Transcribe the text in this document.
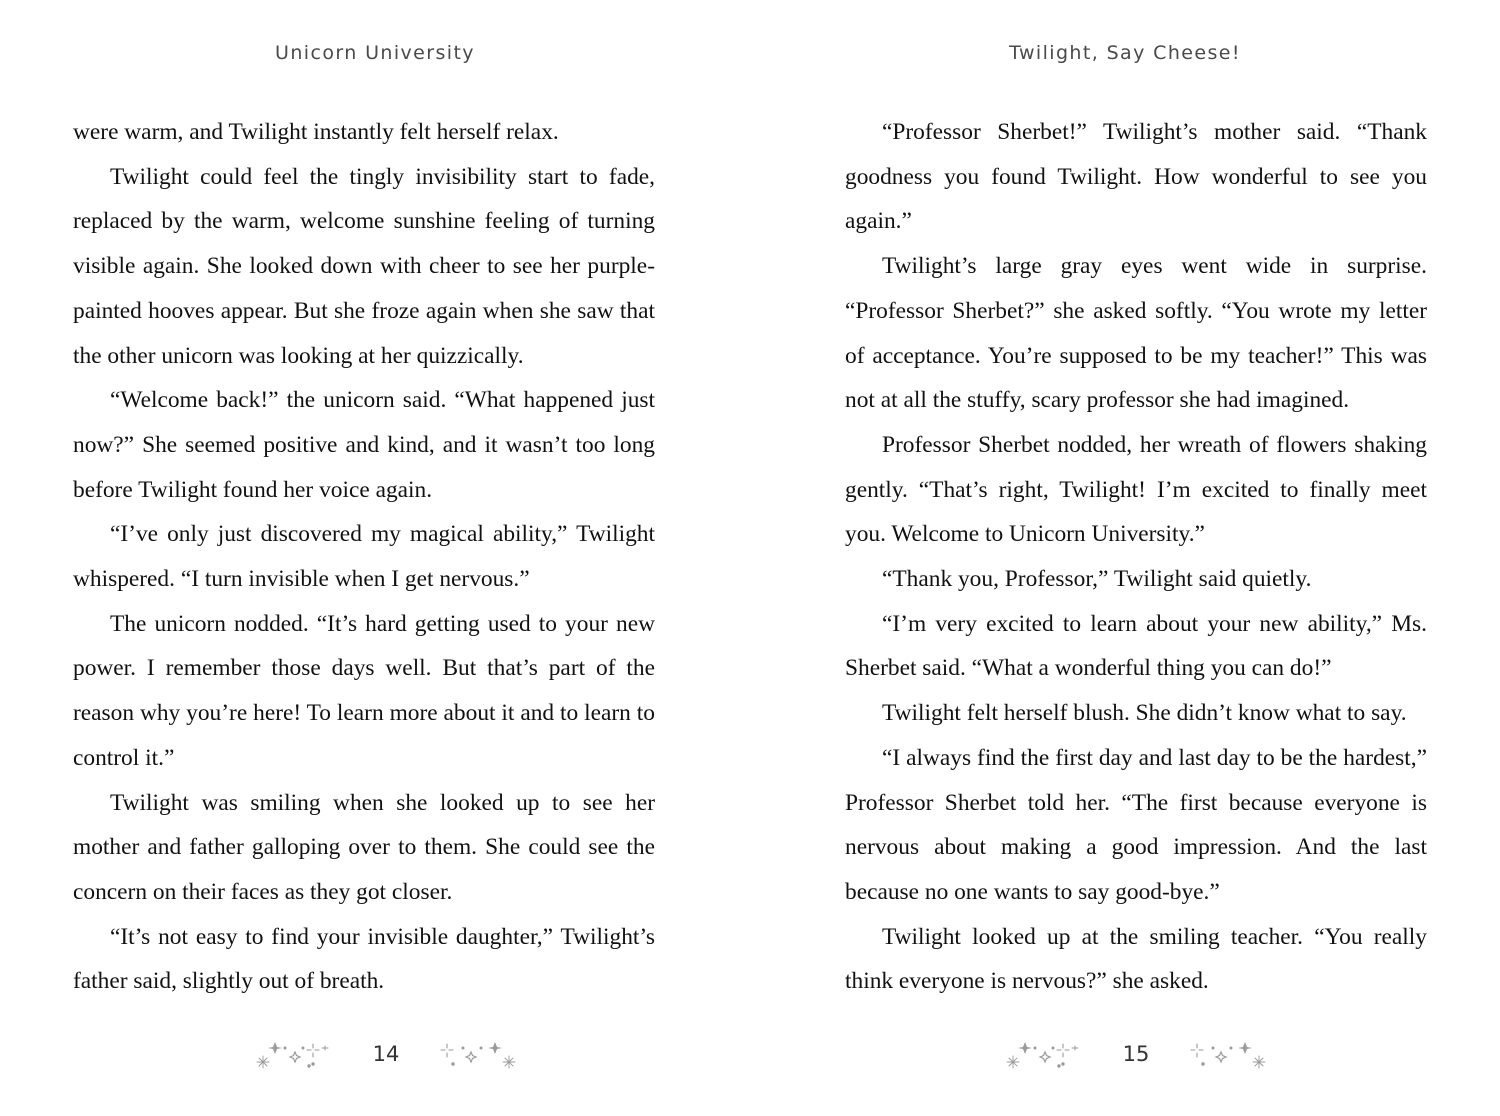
Unicorn University

were warm, and Twilight instantly felt herself relax.

Twilight could feel the tingly invisibility start to fade, replaced by the warm, welcome sunshine feeling of turning visible again. She looked down with cheer to see her purplepainted hooves appear. But she froze again when she saw that the other unicorn was looking at her quizzically.

“Welcome back!” the unicorn said. “What happened just now?” She seemed positive and kind, and it wasn’t too long before Twilight found her voice again.

“I’ve only just discovered my magical ability,” Twilight whispered. “I turn invisible when I get nervous.”

The unicorn nodded. “It’s hard getting used to your new power. I remember those days well. But that’s part of the reason why you’re here! To learn more about it and to learn to control it.”

Twilight was smiling when she looked up to see her mother and father galloping over to them. She could see the concern on their faces as they got closer.

“It’s not easy to find your invisible daughter,” Twilight’s father said, slightly out of breath.

14
Twilight, Say Cheese!

“Professor Sherbet!” Twilight’s mother said. “Thank goodness you found Twilight. How wonderful to see you again.”

Twilight’s large gray eyes went wide in surprise. “Professor Sherbet?” she asked softly. “You wrote my letter of acceptance. You’re supposed to be my teacher!” This was not at all the stuffy, scary professor she had imagined.

Professor Sherbet nodded, her wreath of flowers shaking gently. “That’s right, Twilight! I’m excited to finally meet you. Welcome to Unicorn University.”

“Thank you, Professor,” Twilight said quietly.

“I’m very excited to learn about your new ability,” Ms. Sherbet said. “What a wonderful thing you can do!”

Twilight felt herself blush. She didn’t know what to say.

“I always find the first day and last day to be the hardest,” Professor Sherbet told her. “The first because everyone is nervous about making a good impression. And the last because no one wants to say good-bye.”

Twilight looked up at the smiling teacher. “You really think everyone is nervous?” she asked.

15
